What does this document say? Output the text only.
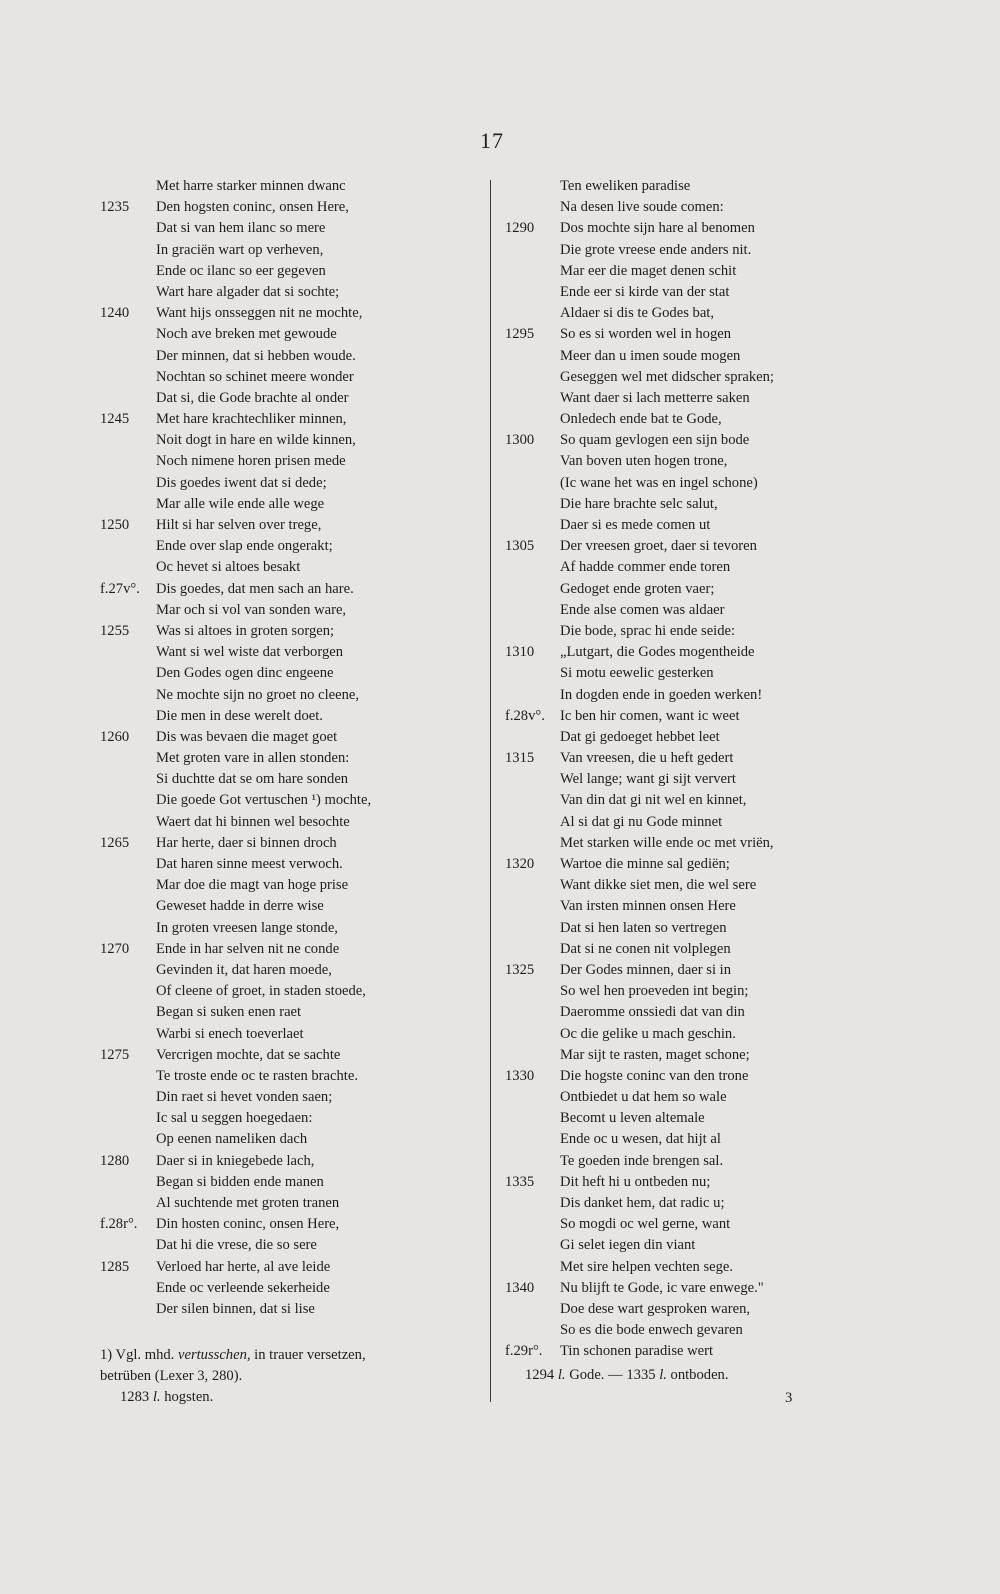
17
Met harre starker minnen dwanc
1235	Den hogsten coninc, onsen Here,
Dat si van hem ilanc so mere
In graciën wart op verheven,
Ende oc ilanc so eer gegeven
Wart hare algader dat si sochte;
1240	Want hijs onsseggen nit ne mochte,
Noch ave breken met gewoude
Der minnen, dat si hebben woude.
Nochtan so schinet meere wonder
Dat si, die Gode brachte al onder
1245	Met hare krachtechliker minnen,
Noit dogt in hare en wilde kinnen,
Noch nimene horen prisen mede
Dis goedes iwent dat si dede;
Mar alle wile ende alle wege
1250	Hilt si har selven over trege,
Ende over slap ende ongerakt;
Oc hevet si altoes besakt
f.27v°.	Dis goedes, dat men sach an hare.
Mar och si vol van sonden ware,
1255	Was si altoes in groten sorgen;
Want si wel wiste dat verborgen
Den Godes ogen dinc engeene
Ne mochte sijn no groet no cleene,
Die men in dese werelt doet.
1260	Dis was bevaen die maget goet
Met groten vare in allen stonden:
Si duchtte dat se om hare sonden
Die goede Got vertuschen ¹) mochte,
Waert dat hi binnen wel besochte
1265	Har herte, daer si binnen droch
Dat haren sinne meest verwoch.
Mar doe die magt van hoge prise
Geweset hadde in derre wise
In groten vreesen lange stonde,
1270	Ende in har selven nit ne conde
Gevinden it, dat haren moede,
Of cleene of groet, in staden stoede,
Began si suken enen raet
Warbi si enech toeverlaet
1275	Vercrigen mochte, dat se sachte
Te troste ende oc te rasten brachte.
Din raet si hevet vonden saen;
Ic sal u seggen hoegedaen:
Op eenen nameliken dach
1280	Daer si in kniegebede lach,
Began si bidden ende manen
Al suchtende met groten tranen
f.28r°.	Din hosten coninc, onsen Here,
Dat hi die vrese, die so sere
1285	Verloed har herte, al ave leide
Ende oc verleende sekerheide
Der silen binnen, dat si lise
Ten eweliken paradise
Na desen live soude comen:
1290	Dos mochte sijn hare al benomen
Die grote vreese ende anders nit.
Mar eer die maget denen schit
Ende eer si kirde van der stat
Aldaer si dis te Godes bat,
1295	So es si worden wel in hogen
Meer dan u imen soude mogen
Geseggen wel met didscher spraken;
Want daer si lach metterre saken
Onledech ende bat te Gode,
1300	So quam gevlogen een sijn bode
Van boven uten hogen trone,
(Ic wane het was en ingel schone)
Die hare brachte selc salut,
Daer si es mede comen ut
1305	Der vreesen groet, daer si tevoren
Af hadde commer ende toren
Gedoget ende groten vaer;
Ende alse comen was aldaer
Die bode, sprac hi ende seide:
1310	„Lutgart, die Godes mogentheide
Si motu eewelic gesterken
In dogden ende in goeden werken!
f.28v°.	Ic ben hir comen, want ic weet
Dat gi gedoeget hebbet leet
1315	Van vreesen, die u heft gedert
Wel lange; want gi sijt ververt
Van din dat gi nit wel en kinnet,
Al si dat gi nu Gode minnet
Met starken wille ende oc met vriën,
1320	Wartoe die minne sal gediën;
Want dikke siet men, die wel sere
Van irsten minnen onsen Here
Dat si hen laten so vertregen
Dat si ne conen nit volplegen
1325	Der Godes minnen, daer si in
So wel hen proeveden int begin;
Daeromme onssiedi dat van din
Oc die gelike u mach geschin.
Mar sijt te rasten, maget schone;
1330	Die hogste coninc van den trone
Ontbiedet u dat hem so wale
Becomt u leven altemale
Ende oc u wesen, dat hijt al
Te goeden inde brengen sal.
1335	Dit heft hi u ontbeden nu;
Dis danket hem, dat radic u;
So mogdi oc wel gerne, want
Gi selet iegen din viant
Met sire helpen vechten sege.
1340	Nu blijft te Gode, ic vare enwege."
Doe dese wart gesproken waren,
So es die bode enwech gevaren
f.29r°.	Tin schonen paradise wert
1) Vgl. mhd. vertusschen, in trauer versetzen,
betrüben (Lexer 3, 280).
1283 l. hogsten.
1294 l. Gode. — 1335 l. ontboden.
3
